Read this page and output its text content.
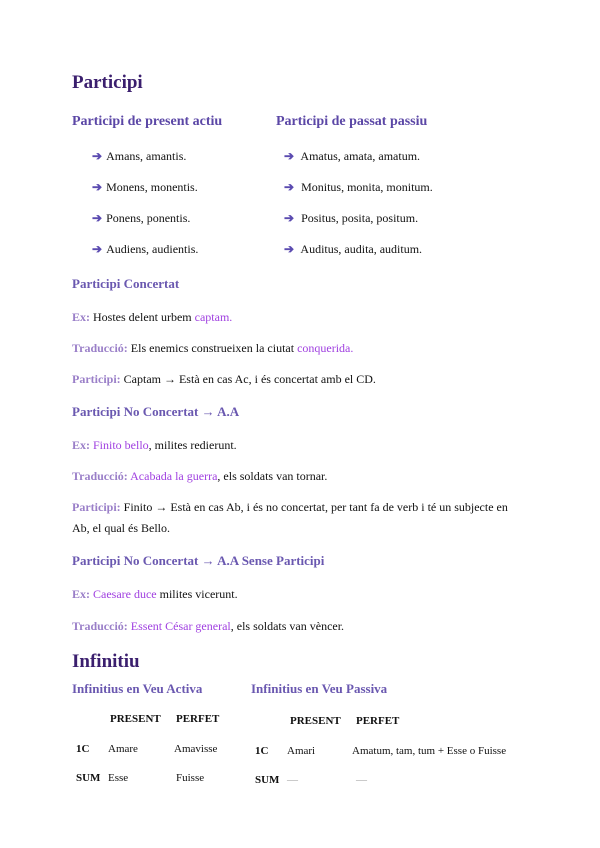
Participi
Participi de present actiu
➔ Amans, amantis.
➔ Monens, monentis.
➔ Ponens, ponentis.
➔ Audiens, audientis.
Participi de passat passiu
➔ Amatus, amata, amatum.
➔ Monitus, monita, monitum.
➔ Positus, posita, positum.
➔ Auditus, audita, auditum.
Participi Concertat
Ex: Hostes delent urbem captam.
Traducció: Els enemics construeixen la ciutat conquerida.
Participi: Captam → Està en cas Ac, i és concertat amb el CD.
Participi No Concertat → A.A
Ex: Finito bello, milites redierunt.
Traducció: Acabada la guerra, els soldats van tornar.
Participi: Finito → Està en cas Ab, i és no concertat, per tant fa de verb i té un subjecte en
Ab, el qual és Bello.
Participi No Concertat → A.A Sense Participi
Ex: Caesare duce milites vicerunt.
Traducció: Essent César general, els soldats van vèncer.
Infinitiu
Infinitius en Veu Activa	Infinitius en Veu Passiva
PRESENT PERFET
1C Amare	Amavisse
SUM Esse	Fuisse
PRESENT PERFET
1C Amari	Amatum, tam, tum + Esse o Fuisse
SUM —	—
